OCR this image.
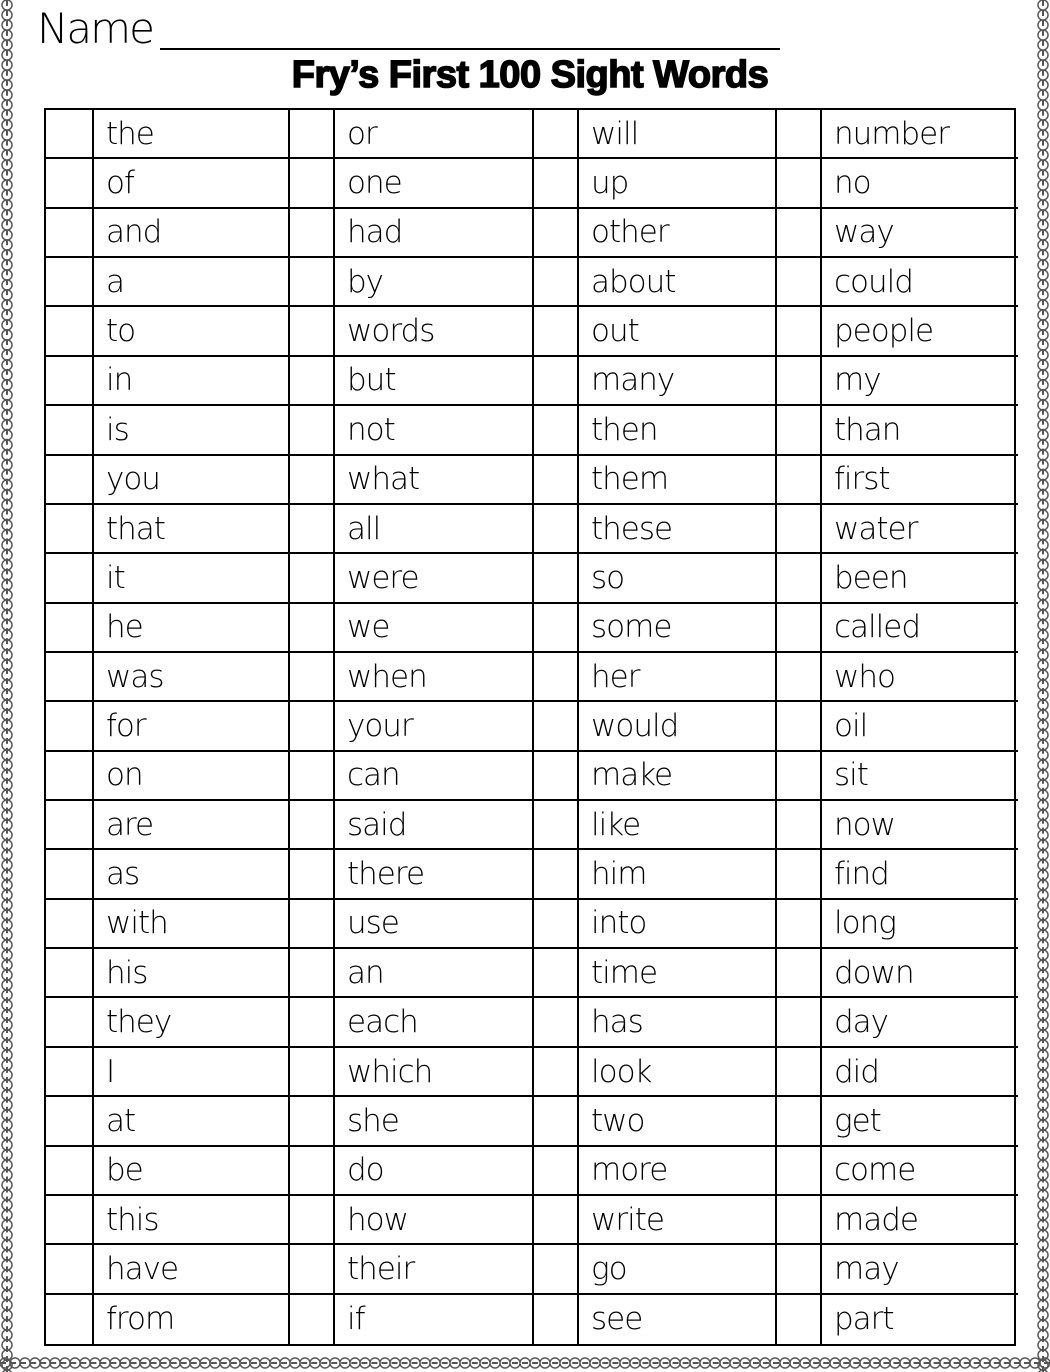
Name
Fry’s First 100 Sight Words
the	or	will	number
of	one	up	no
and	had	other	way
a	by	about	could
to	words	out	people
in	but	many	my
is	not	then	than
you	what	them	first
that	all	these	water
it	were	so	been
he	we	some	called
was	when	her	who
for	your	would	oil
on	can	make	sit
are	said	like	now
as	there	him	find
with	use	into	long
his	an	time	down
they	each	has	day
I	which	look	did
at	she	two	get
be	do	more	come
this	how	write	made
have	their	go	may
from	if	see	part
